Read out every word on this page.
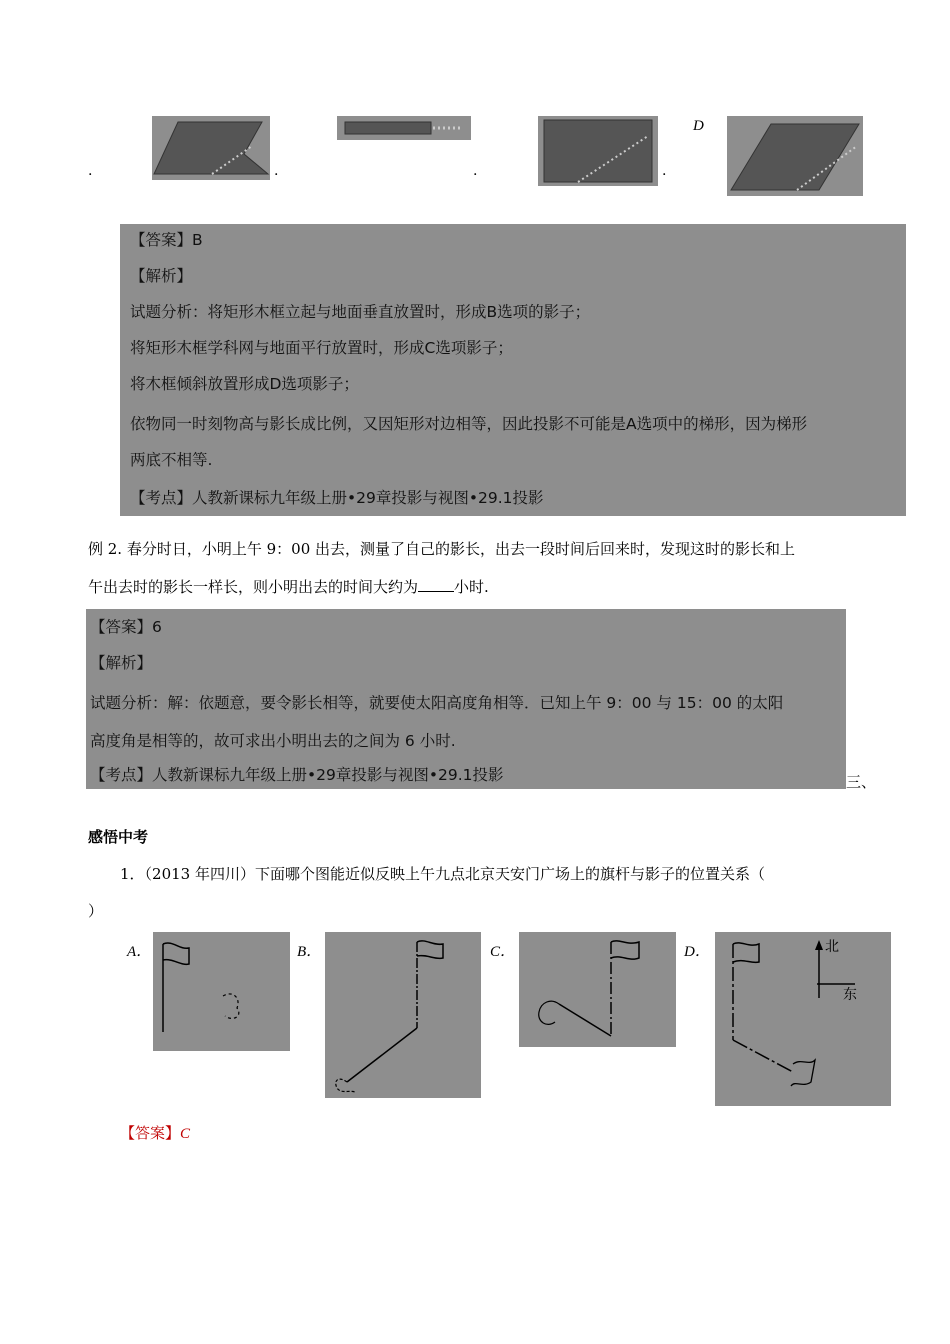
.	.	.	.
D
【答案】B
【解析】
试题分析：将矩形木框立起与地面垂直放置时，形成B选项的影子；
将矩形木框学科网与地面平行放置时，形成C选项影子；
将木框倾斜放置形成D选项影子；
依物同一时刻物高与影长成比例，又因矩形对边相等，因此投影不可能是A选项中的梯形，因为梯形
两底不相等.
【考点】人教新课标九年级上册•29章投影与视图•29.1投影
例 2. 春分时日，小明上午 9：00 出去，测量了自己的影长，出去一段时间后回来时，发现这时的影长和上
午出去时的影长一样长，则小明出去的时间大约为 小时.
【答案】6
【解析】
试题分析：解：依题意，要令影长相等，就要使太阳高度角相等．已知上午 9：00 与 15：00 的太阳
高度角是相等的，故可求出小明出去的之间为 6 小时.
【考点】人教新课标九年级上册•29章投影与视图•29.1投影	三、
感悟中考
1．（2013 年四川）下面哪个图能近似反映上午九点北京天安门广场上的旗杆与影子的位置关系（
）
A．	B．	C．	D．	北
东
【答案】C
